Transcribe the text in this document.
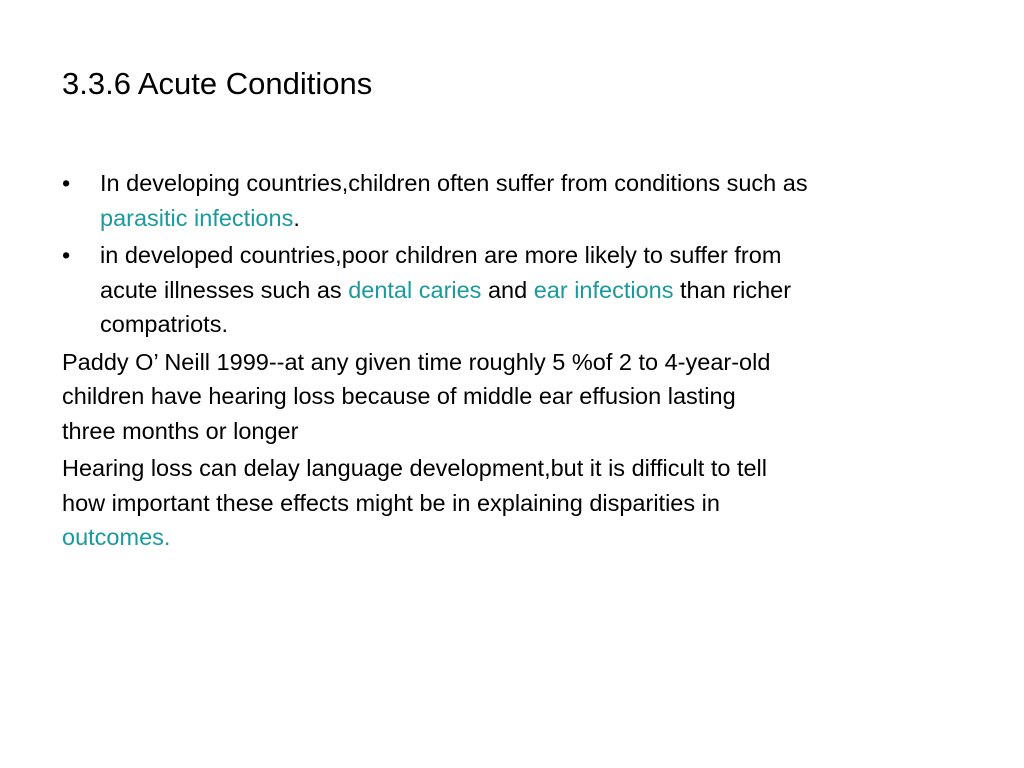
3.3.6 Acute Conditions
•	In developing countries,children often suffer from conditions such as
parasitic infections.
•	in developed countries,poor children are more likely to suffer from
acute illnesses such as dental caries and ear infections than richer
compatriots.
Paddy O’ Neill 1999--at any given time roughly 5 %of 2 to 4-year-old
children have hearing loss because of middle ear effusion lasting
three months or longer
Hearing loss can delay language development,but it is difficult to tell
how important these effects might be in explaining disparities in
outcomes.
